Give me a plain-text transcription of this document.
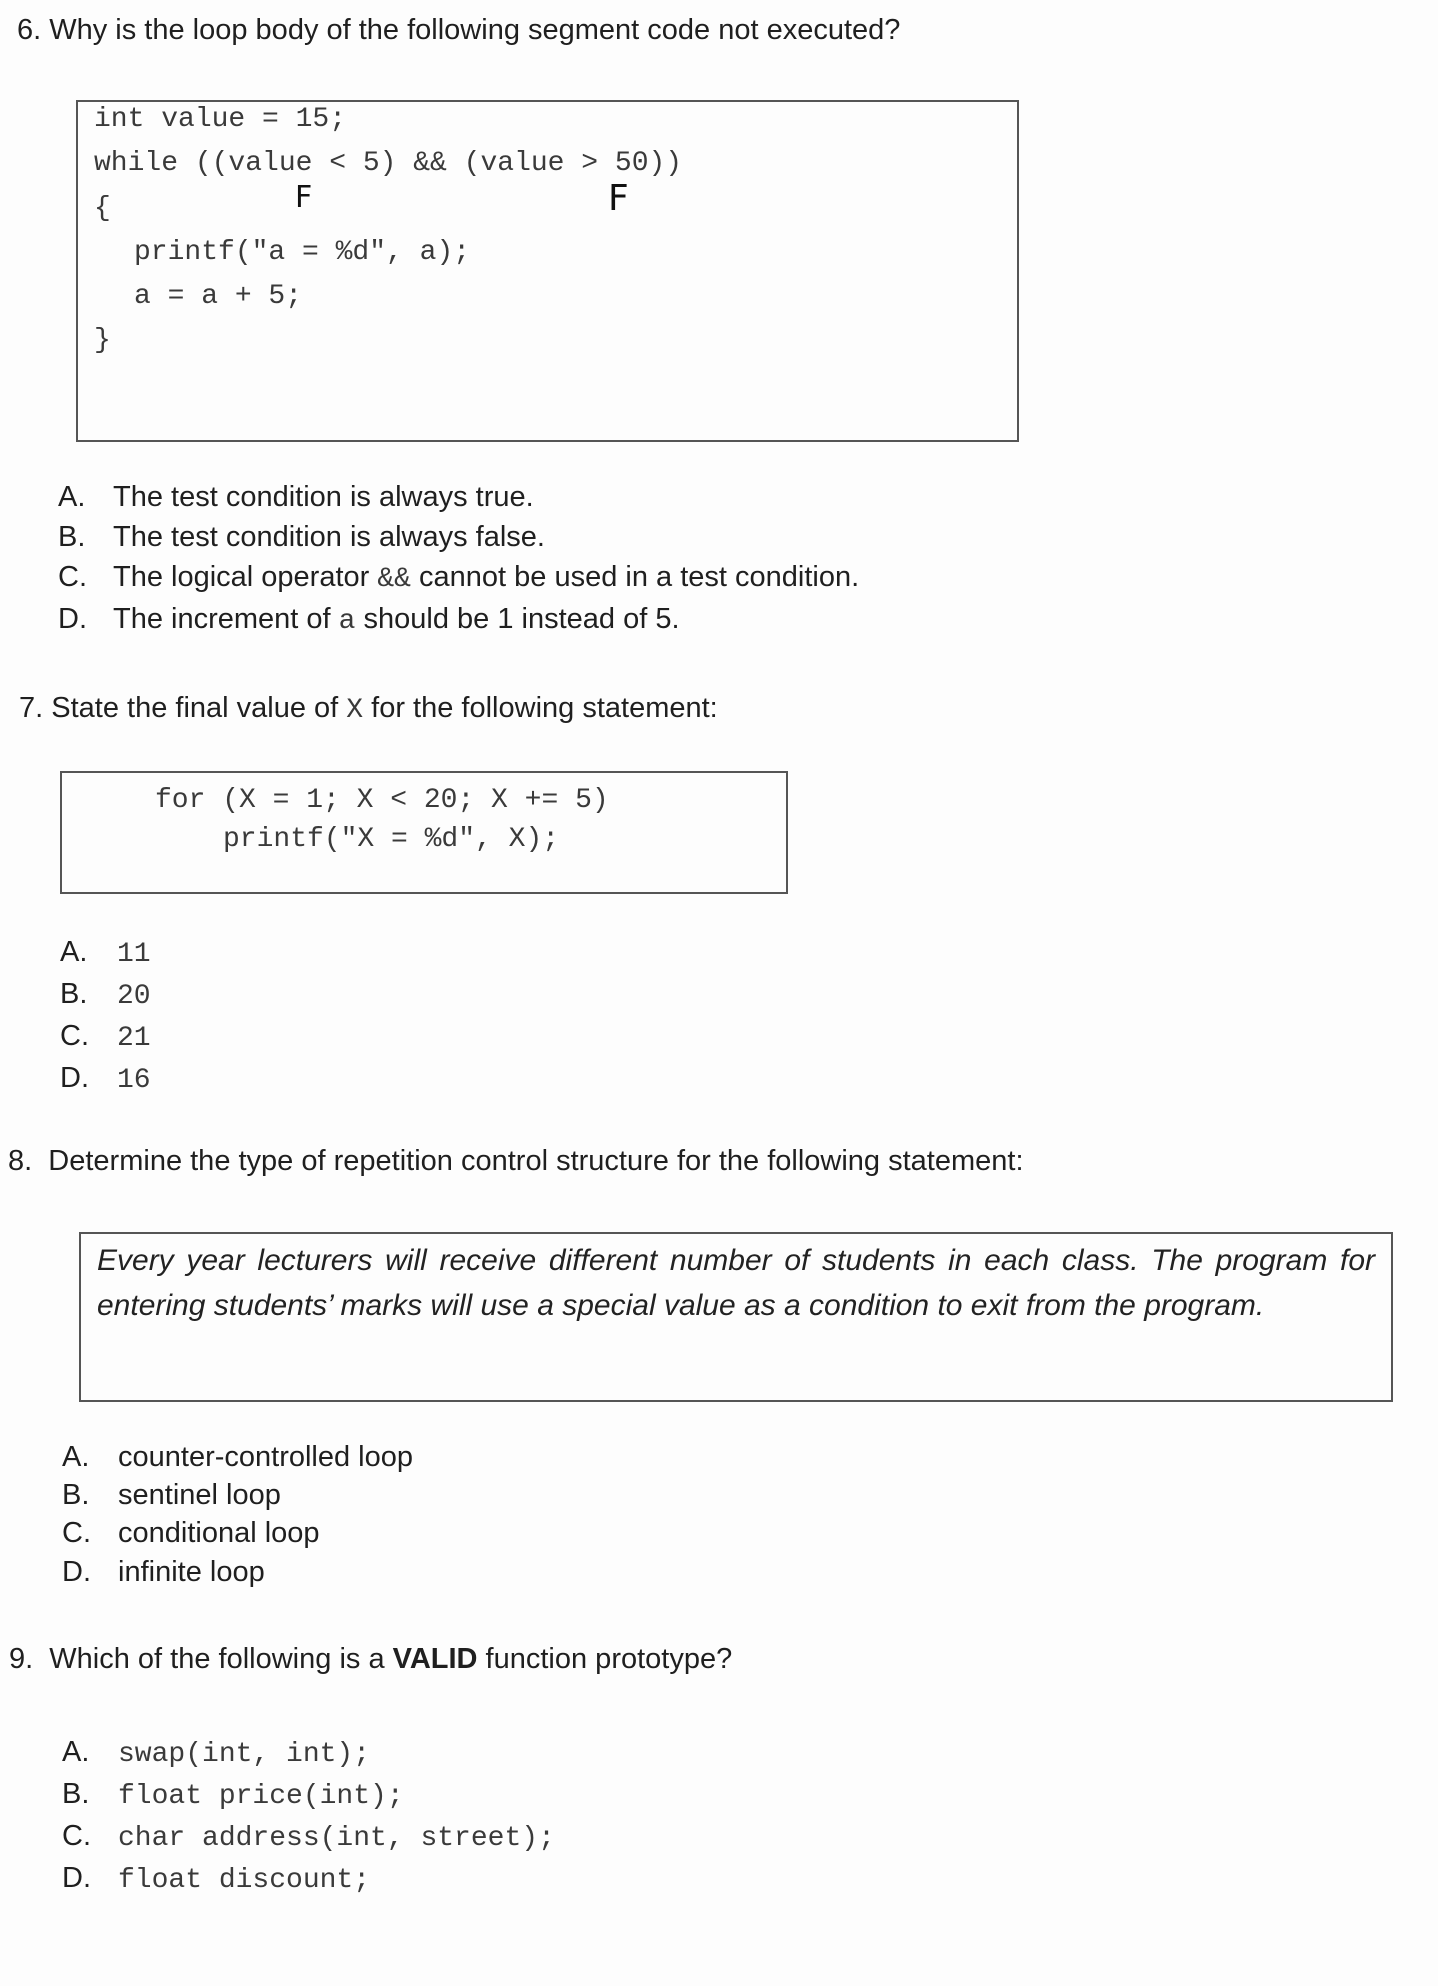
6. Why is the loop body of the following segment code not executed?
int value = 15;
while ((value < 5) && (value > 50))
{
printf("a = %d", a);
a = a + 5;
}
F	F
A. The test condition is always true.
B. The test condition is always false.
C. The logical operator && cannot be used in a test condition.
D. The increment of a should be 1 instead of 5.
7. State the final value of X for the following statement:
for (X = 1; X < 20; X += 5)
printf("X = %d", X);
A. 11
B. 20
C. 21
D. 16
8.  Determine the type of repetition control structure for the following statement:
Every year lecturers will receive different number of students in each class. The program for entering students’ marks will use a special value as a condition to exit from the program.
A. counter-controlled loop
B. sentinel loop
C. conditional loop
D. infinite loop
9.  Which of the following is a VALID function prototype?
A. swap(int, int);
B. float price(int);
C. char address(int, street);
D. float discount;
